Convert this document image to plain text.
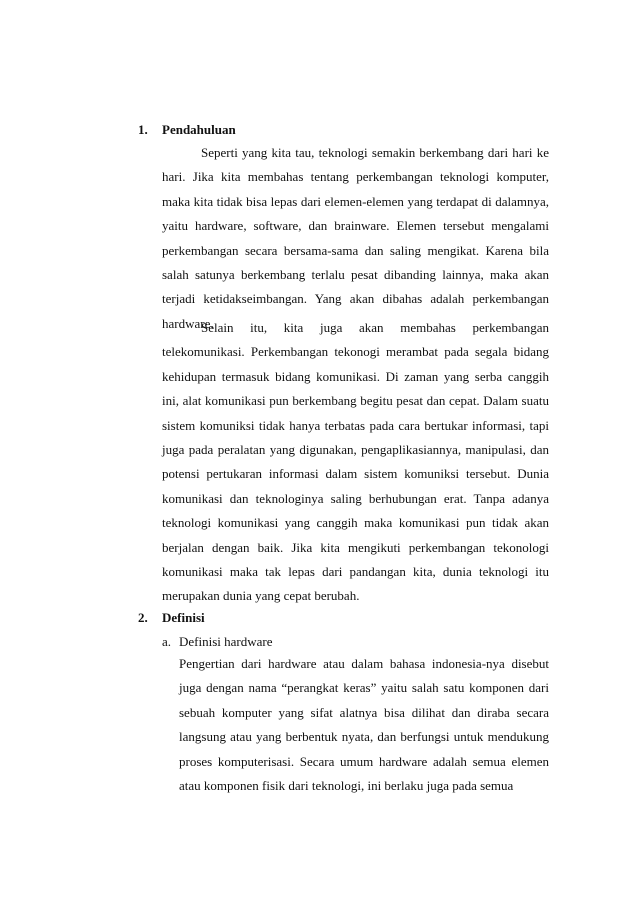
1. Pendahuluan

Seperti yang kita tau, teknologi semakin berkembang dari hari ke hari. Jika kita membahas tentang perkembangan teknologi komputer, maka kita tidak bisa lepas dari elemen-elemen yang terdapat di dalamnya, yaitu hardware, software, dan brainware. Elemen tersebut mengalami perkembangan secara bersama-sama dan saling mengikat. Karena bila salah satunya berkembang terlalu pesat dibanding lainnya, maka akan terjadi ketidakseimbangan. Yang akan dibahas adalah perkembangan hardware.

Selain itu, kita juga akan membahas perkembangan telekomunikasi. Perkembangan tekonogi merambat pada segala bidang kehidupan termasuk bidang komunikasi. Di zaman yang serba canggih ini, alat komunikasi pun berkembang begitu pesat dan cepat. Dalam suatu sistem komuniksi tidak hanya terbatas pada cara bertukar informasi, tapi juga pada peralatan yang digunakan, pengaplikasiannya, manipulasi, dan potensi pertukaran informasi dalam sistem komuniksi tersebut. Dunia komunikasi dan teknologinya saling berhubungan erat. Tanpa adanya teknologi komunikasi yang canggih maka komunikasi pun tidak akan berjalan dengan baik. Jika kita mengikuti perkembangan tekonologi komunikasi maka tak lepas dari pandangan kita, dunia teknologi itu merupakan dunia yang cepat berubah.

2. Definisi
a. Definisi hardware

Pengertian dari hardware atau dalam bahasa indonesia-nya disebut juga dengan nama “perangkat keras” yaitu salah satu komponen dari sebuah komputer yang sifat alatnya bisa dilihat dan diraba secara langsung atau yang berbentuk nyata, dan berfungsi untuk mendukung proses komputerisasi. Secara umum hardware adalah semua elemen atau komponen fisik dari teknologi, ini berlaku juga pada semua
